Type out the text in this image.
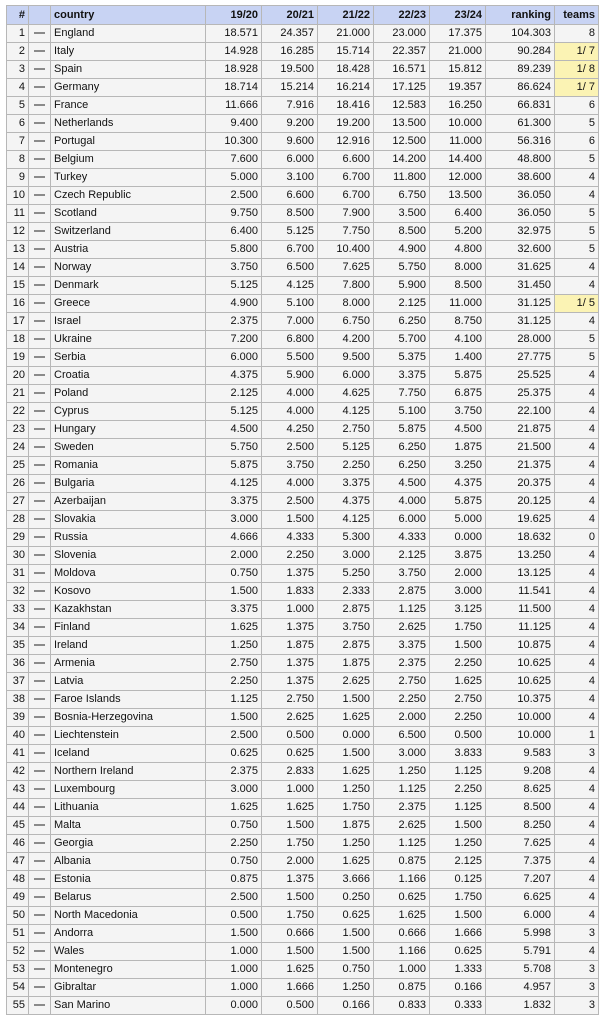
#		country	19/20	20/21	21/22	22/23	23/24	ranking	teams
1		England	18.571	24.357	21.000	23.000	17.375	104.303	8
2		Italy	14.928	16.285	15.714	22.357	21.000	90.284	1/ 7
3		Spain	18.928	19.500	18.428	16.571	15.812	89.239	1/ 8
4		Germany	18.714	15.214	16.214	17.125	19.357	86.624	1/ 7
5		France	11.666	7.916	18.416	12.583	16.250	66.831	6
6		Netherlands	9.400	9.200	19.200	13.500	10.000	61.300	5
7		Portugal	10.300	9.600	12.916	12.500	11.000	56.316	6
8		Belgium	7.600	6.000	6.600	14.200	14.400	48.800	5
9		Turkey	5.000	3.100	6.700	11.800	12.000	38.600	4
10		Czech Republic	2.500	6.600	6.700	6.750	13.500	36.050	4
11		Scotland	9.750	8.500	7.900	3.500	6.400	36.050	5
12		Switzerland	6.400	5.125	7.750	8.500	5.200	32.975	5
13		Austria	5.800	6.700	10.400	4.900	4.800	32.600	5
14		Norway	3.750	6.500	7.625	5.750	8.000	31.625	4
15		Denmark	5.125	4.125	7.800	5.900	8.500	31.450	4
16		Greece	4.900	5.100	8.000	2.125	11.000	31.125	1/ 5
17		Israel	2.375	7.000	6.750	6.250	8.750	31.125	4
18		Ukraine	7.200	6.800	4.200	5.700	4.100	28.000	5
19		Serbia	6.000	5.500	9.500	5.375	1.400	27.775	5
20		Croatia	4.375	5.900	6.000	3.375	5.875	25.525	4
21		Poland	2.125	4.000	4.625	7.750	6.875	25.375	4
22		Cyprus	5.125	4.000	4.125	5.100	3.750	22.100	4
23		Hungary	4.500	4.250	2.750	5.875	4.500	21.875	4
24		Sweden	5.750	2.500	5.125	6.250	1.875	21.500	4
25		Romania	5.875	3.750	2.250	6.250	3.250	21.375	4
26		Bulgaria	4.125	4.000	3.375	4.500	4.375	20.375	4
27		Azerbaijan	3.375	2.500	4.375	4.000	5.875	20.125	4
28		Slovakia	3.000	1.500	4.125	6.000	5.000	19.625	4
29		Russia	4.666	4.333	5.300	4.333	0.000	18.632	0
30		Slovenia	2.000	2.250	3.000	2.125	3.875	13.250	4
31		Moldova	0.750	1.375	5.250	3.750	2.000	13.125	4
32		Kosovo	1.500	1.833	2.333	2.875	3.000	11.541	4
33		Kazakhstan	3.375	1.000	2.875	1.125	3.125	11.500	4
34		Finland	1.625	1.375	3.750	2.625	1.750	11.125	4
35		Ireland	1.250	1.875	2.875	3.375	1.500	10.875	4
36		Armenia	2.750	1.375	1.875	2.375	2.250	10.625	4
37		Latvia	2.250	1.375	2.625	2.750	1.625	10.625	4
38		Faroe Islands	1.125	2.750	1.500	2.250	2.750	10.375	4
39		Bosnia-Herzegovina	1.500	2.625	1.625	2.000	2.250	10.000	4
40		Liechtenstein	2.500	0.500	0.000	6.500	0.500	10.000	1
41		Iceland	0.625	0.625	1.500	3.000	3.833	9.583	3
42		Northern Ireland	2.375	2.833	1.625	1.250	1.125	9.208	4
43		Luxembourg	3.000	1.000	1.250	1.125	2.250	8.625	4
44		Lithuania	1.625	1.625	1.750	2.375	1.125	8.500	4
45		Malta	0.750	1.500	1.875	2.625	1.500	8.250	4
46		Georgia	2.250	1.750	1.250	1.125	1.250	7.625	4
47		Albania	0.750	2.000	1.625	0.875	2.125	7.375	4
48		Estonia	0.875	1.375	3.666	1.166	0.125	7.207	4
49		Belarus	2.500	1.500	0.250	0.625	1.750	6.625	4
50		North Macedonia	0.500	1.750	0.625	1.625	1.500	6.000	4
51		Andorra	1.500	0.666	1.500	0.666	1.666	5.998	3
52		Wales	1.000	1.500	1.500	1.166	0.625	5.791	4
53		Montenegro	1.000	1.625	0.750	1.000	1.333	5.708	3
54		Gibraltar	1.000	1.666	1.250	0.875	0.166	4.957	3
55		San Marino	0.000	0.500	0.166	0.833	0.333	1.832	3
